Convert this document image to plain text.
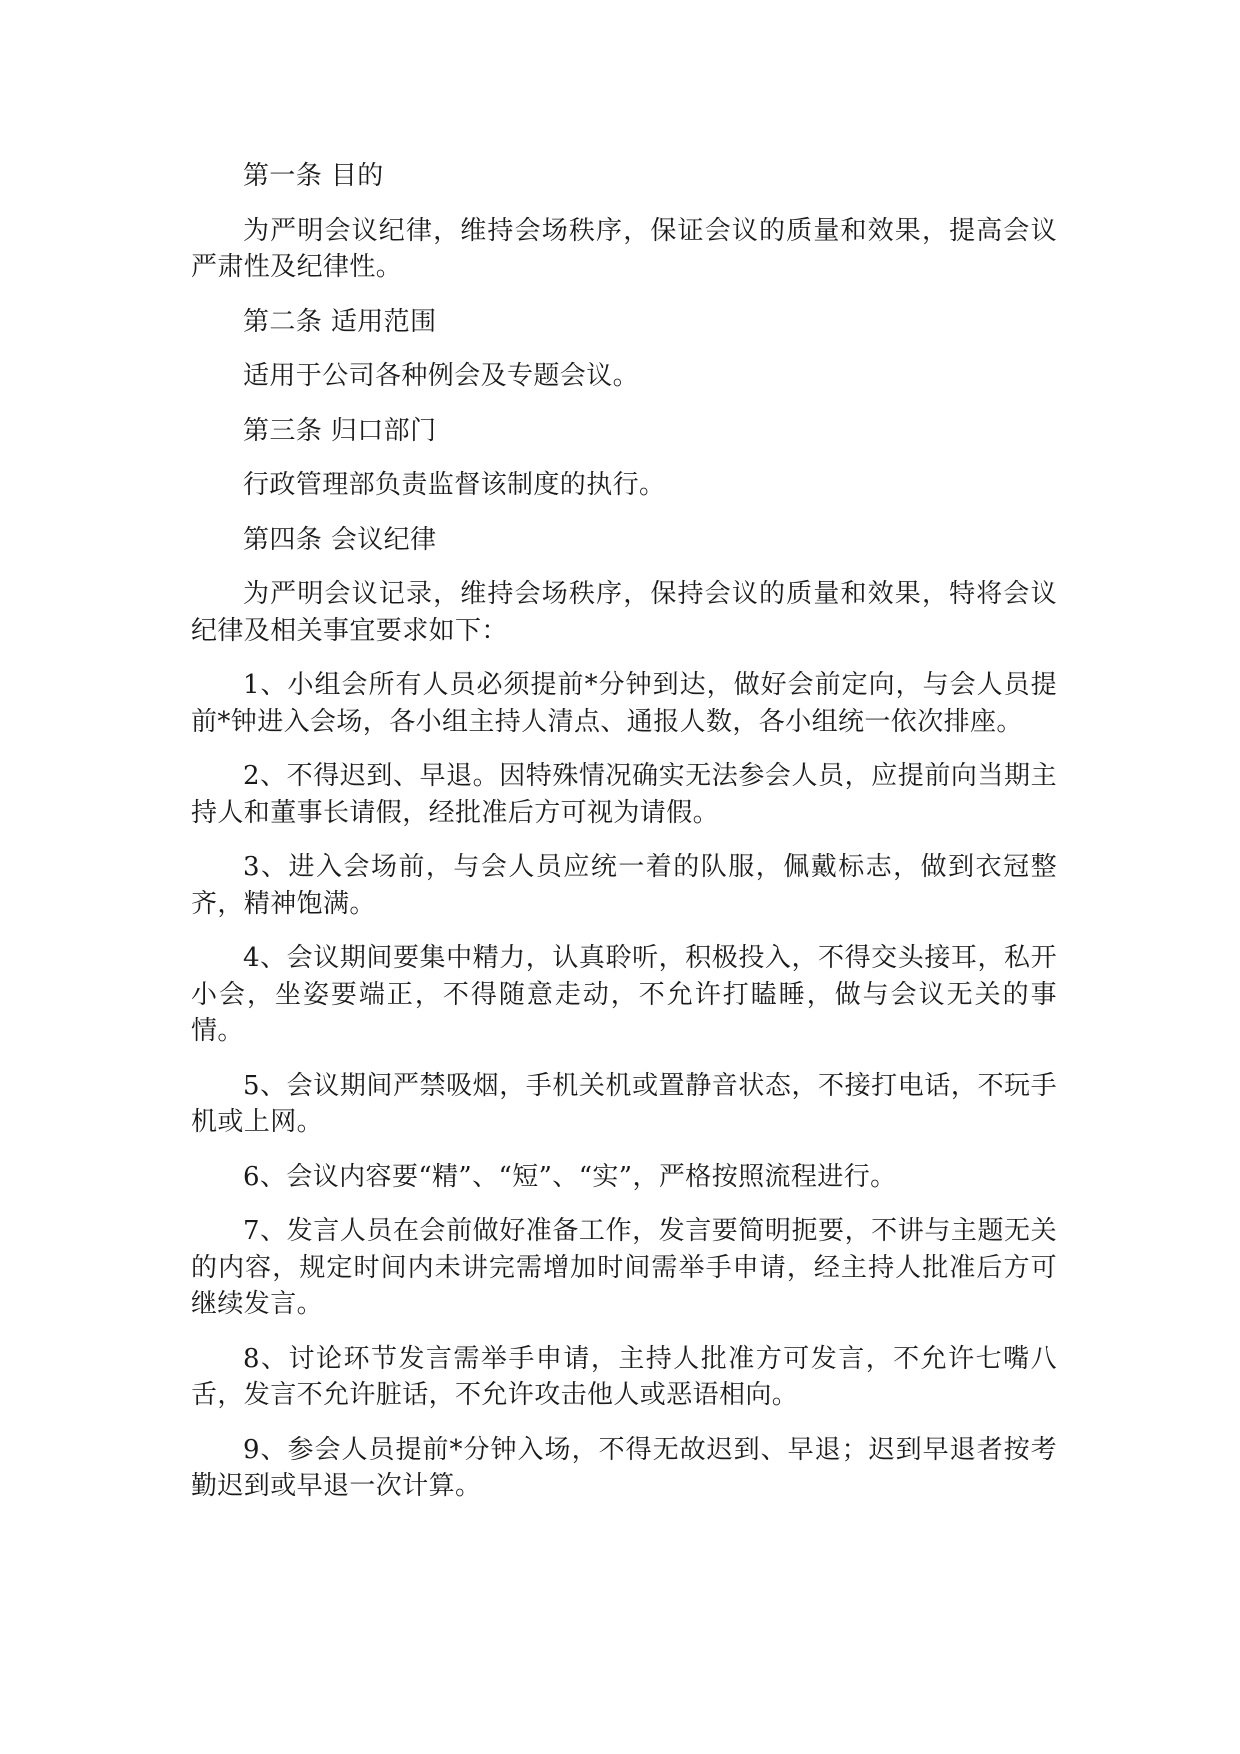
第一条 目的

为严明会议纪律，维持会场秩序，保证会议的质量和效果，提高会议严肃性及纪律性。

第二条 适用范围

适用于公司各种例会及专题会议。

第三条 归口部门

行政管理部负责监督该制度的执行。

第四条 会议纪律

为严明会议记录，维持会场秩序，保持会议的质量和效果，特将会议纪律及相关事宜要求如下：

1、小组会所有人员必须提前*分钟到达，做好会前定向，与会人员提前*钟进入会场，各小组主持人清点、通报人数，各小组统一依次排座。

2、不得迟到、早退。因特殊情况确实无法参会人员，应提前向当期主持人和董事长请假，经批准后方可视为请假。

3、进入会场前，与会人员应统一着的队服，佩戴标志，做到衣冠整齐，精神饱满。

4、会议期间要集中精力，认真聆听，积极投入，不得交头接耳，私开小会，坐姿要端正，不得随意走动，不允许打瞌睡，做与会议无关的事情。

5、会议期间严禁吸烟，手机关机或置静音状态，不接打电话，不玩手机或上网。

6、会议内容要“精”、“短”、“实”，严格按照流程进行。

7、发言人员在会前做好准备工作，发言要简明扼要，不讲与主题无关的内容，规定时间内未讲完需增加时间需举手申请，经主持人批准后方可继续发言。

8、讨论环节发言需举手申请，主持人批准方可发言，不允许七嘴八舌，发言不允许脏话，不允许攻击他人或恶语相向。

9、参会人员提前*分钟入场，不得无故迟到、早退；迟到早退者按考勤迟到或早退一次计算。
